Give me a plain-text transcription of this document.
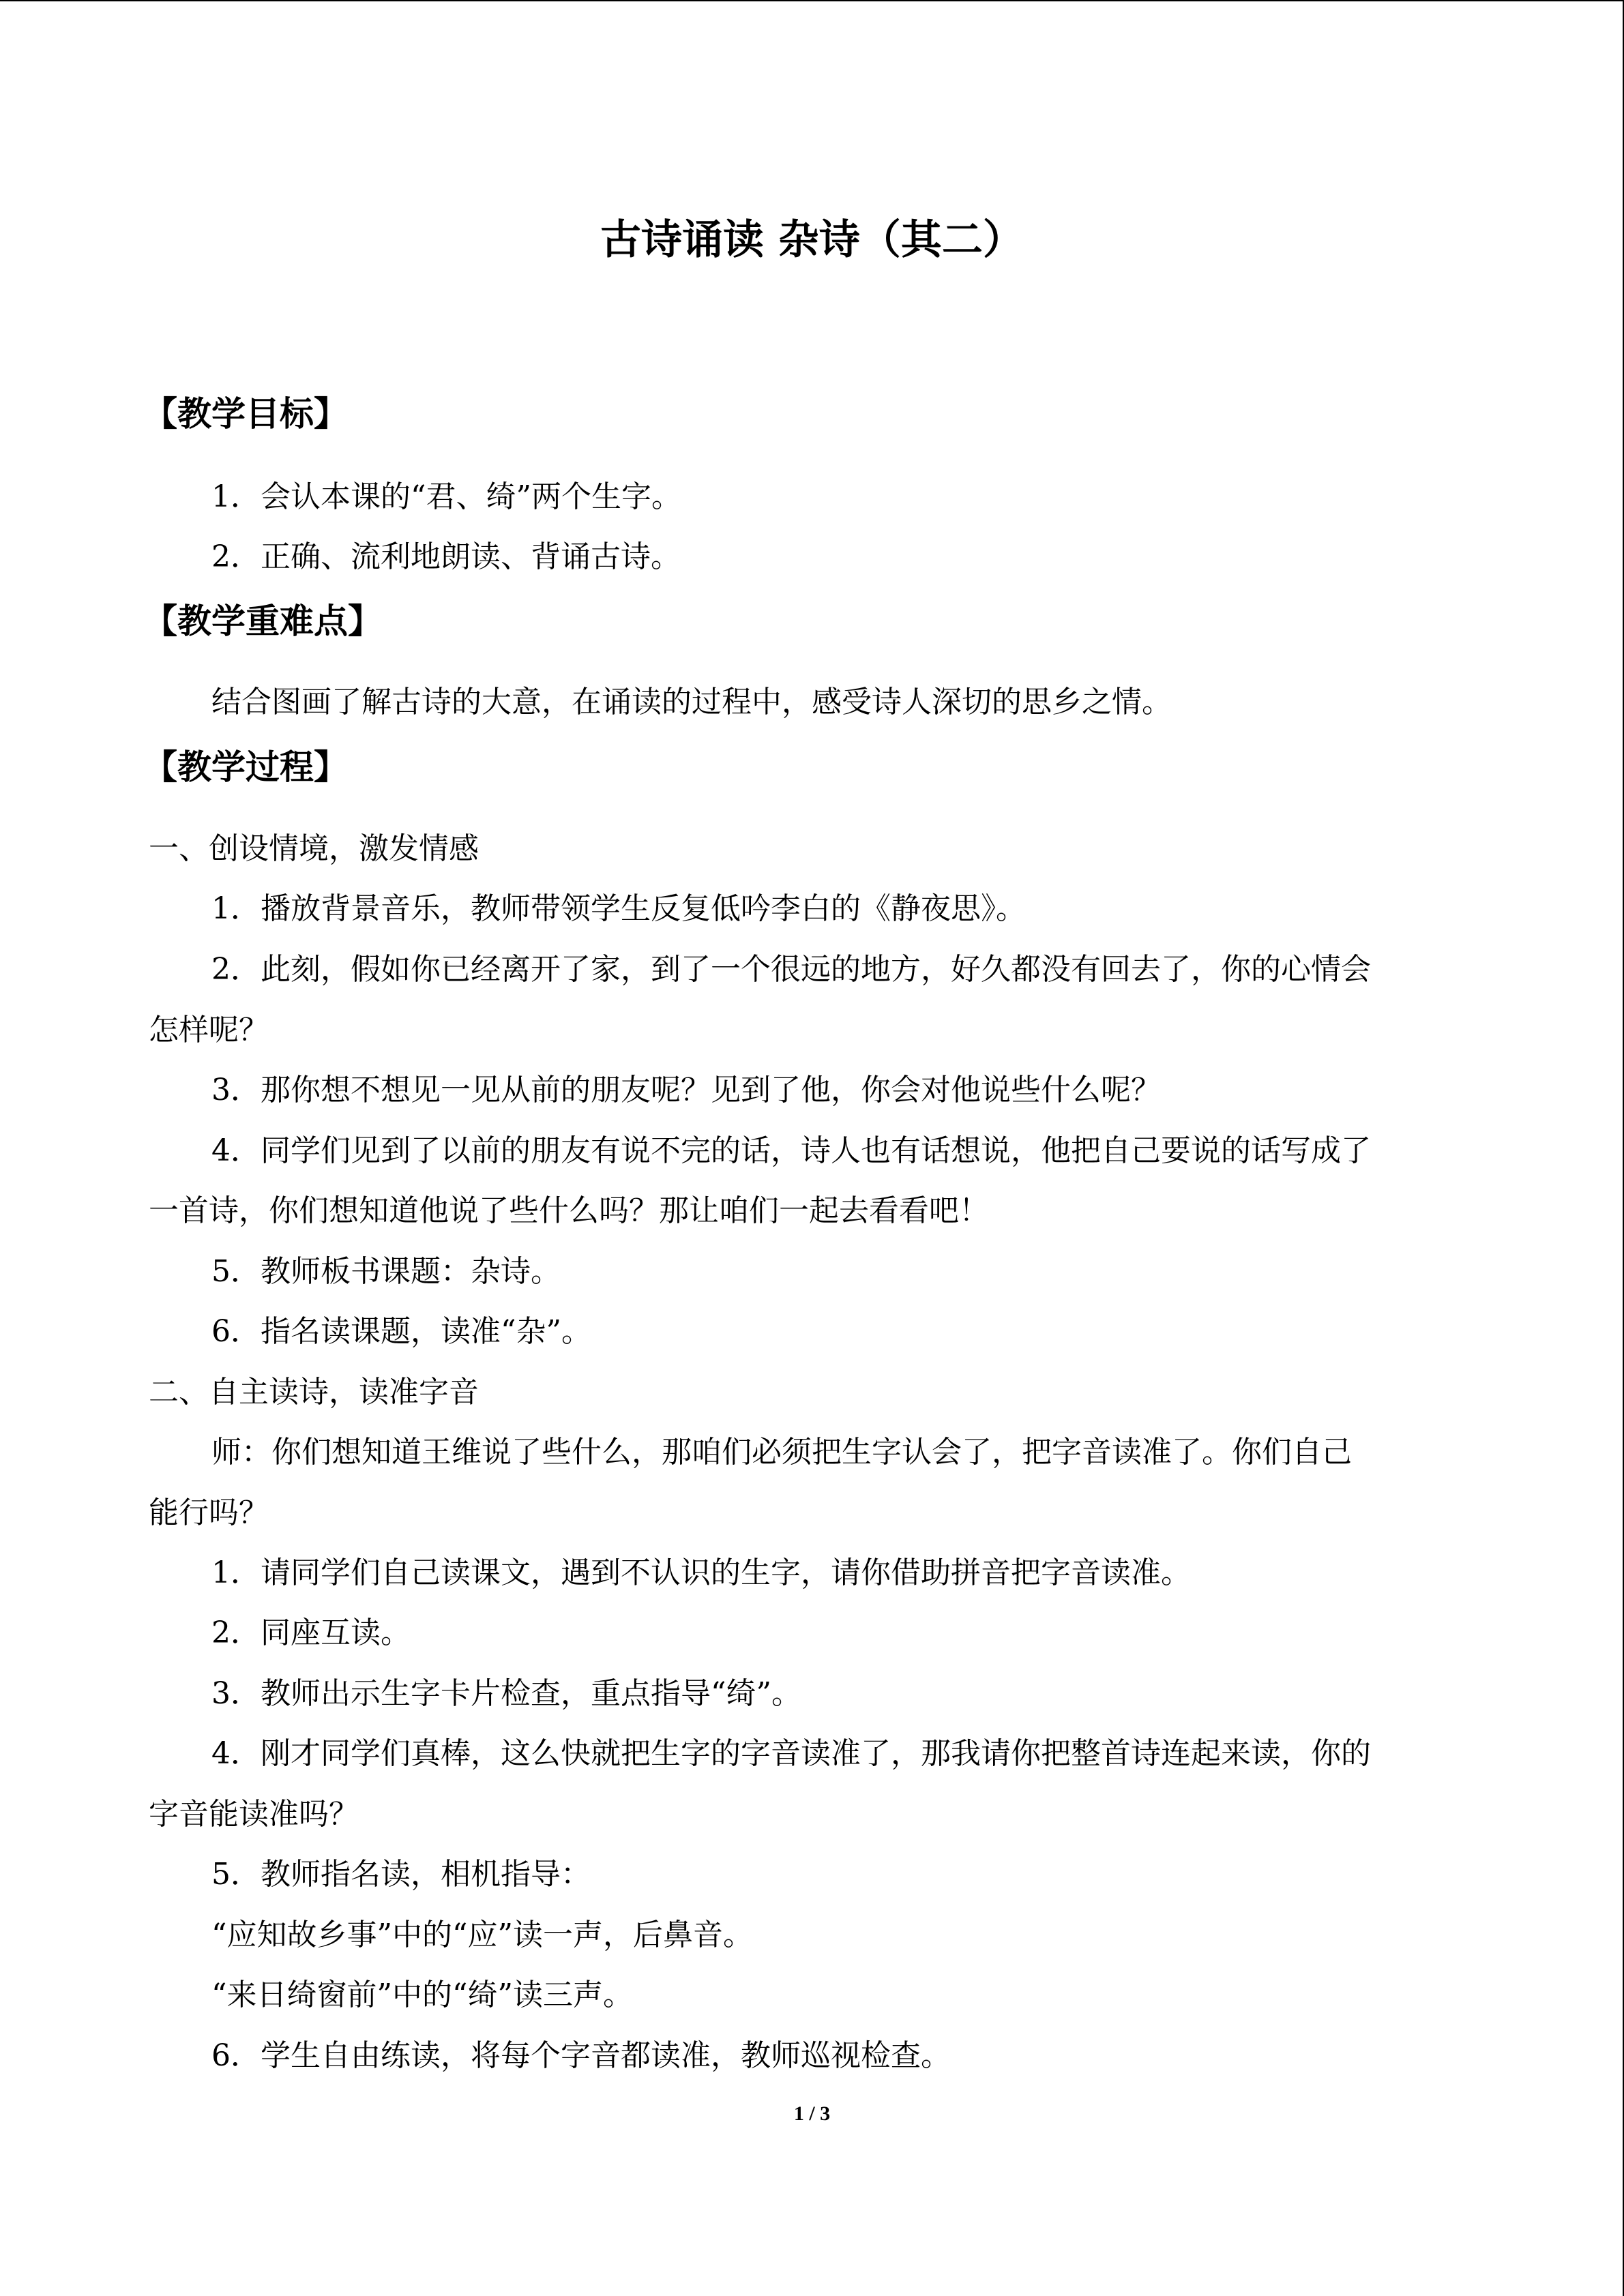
古诗诵读 杂诗（其二）
【教学目标】
1．会认本课的“君、绮”两个生字。
2．正确、流利地朗读、背诵古诗。
【教学重难点】
结合图画了解古诗的大意，在诵读的过程中，感受诗人深切的思乡之情。
【教学过程】
一、创设情境，激发情感
1．播放背景音乐，教师带领学生反复低吟李白的《静夜思》。
2．此刻，假如你已经离开了家，到了一个很远的地方，好久都没有回去了，你的心情会
怎样呢？
3．那你想不想见一见从前的朋友呢？见到了他，你会对他说些什么呢？
4．同学们见到了以前的朋友有说不完的话，诗人也有话想说，他把自己要说的话写成了
一首诗，你们想知道他说了些什么吗？那让咱们一起去看看吧！
5．教师板书课题：杂诗。
6．指名读课题，读准“杂”。
二、自主读诗，读准字音
师：你们想知道王维说了些什么，那咱们必须把生字认会了，把字音读准了。你们自己
能行吗？
1．请同学们自己读课文，遇到不认识的生字，请你借助拼音把字音读准。
2．同座互读。
3．教师出示生字卡片检查，重点指导“绮”。
4．刚才同学们真棒，这么快就把生字的字音读准了，那我请你把整首诗连起来读，你的
字音能读准吗？
5．教师指名读，相机指导：
“应知故乡事”中的“应”读一声，后鼻音。
“来日绮窗前”中的“绮”读三声。
6．学生自由练读，将每个字音都读准，教师巡视检查。
1 / 3
